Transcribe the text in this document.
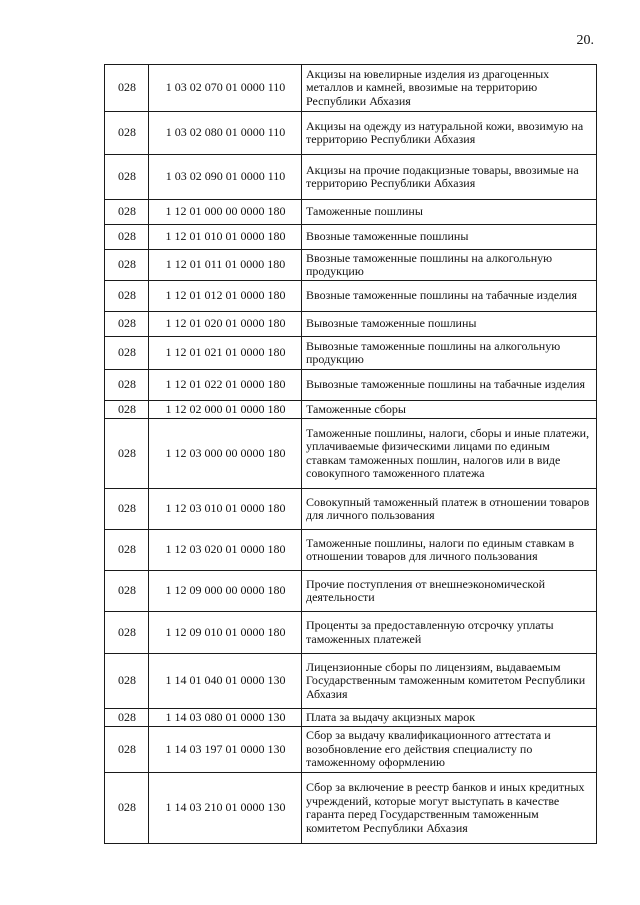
20.
028	1 03 02 070 01 0000 110	Акцизы на ювелирные изделия из драгоценных металлов и камней, ввозимые на территорию Республики Абхазия
028	1 03 02 080 01 0000 110	Акцизы на одежду из натуральной кожи, ввозимую на территорию Республики Абхазия
028	1 03 02 090 01 0000 110	Акцизы на прочие подакцизные товары, ввозимые на территорию Республики Абхазия
028	1 12 01 000 00 0000 180	Таможенные пошлины
028	1 12 01 010 01 0000 180	Ввозные таможенные пошлины
028	1 12 01 011 01 0000 180	Ввозные таможенные пошлины на алкогольную продукцию
028	1 12 01 012 01 0000 180	Ввозные таможенные пошлины на табачные изделия
028	1 12 01 020 01 0000 180	Вывозные таможенные пошлины
028	1 12 01 021 01 0000 180	Вывозные таможенные пошлины на алкогольную продукцию
028	1 12 01 022 01 0000 180	Вывозные таможенные пошлины на табачные изделия
028	1 12 02 000 01 0000 180	Таможенные сборы
028	1 12 03 000 00 0000 180	Таможенные пошлины, налоги, сборы и иные платежи, уплачиваемые физическими лицами по единым ставкам таможенных пошлин, налогов или в виде совокупного таможенного платежа
028	1 12 03 010 01 0000 180	Совокупный таможенный платеж в отношении товаров для личного пользования
028	1 12 03 020 01 0000 180	Таможенные пошлины, налоги по единым ставкам в отношении товаров для личного пользования
028	1 12 09 000 00 0000 180	Прочие поступления от внешнеэкономической деятельности
028	1 12 09 010 01 0000 180	Проценты за предоставленную отсрочку уплаты таможенных платежей
028	1 14 01 040 01 0000 130	Лицензионные сборы по лицензиям, выдаваемым Государственным таможенным комитетом Республики Абхазия
028	1 14 03 080 01 0000 130	Плата за выдачу акцизных марок
028	1 14 03 197 01 0000 130	Сбор за выдачу квалификационного аттестата и возобновление его действия специалисту по таможенному оформлению
028	1 14 03 210 01 0000 130	Сбор за включение в реестр банков и иных кредитных учреждений, которые могут выступать в качестве гаранта перед Государственным таможенным комитетом Республики Абхазия
